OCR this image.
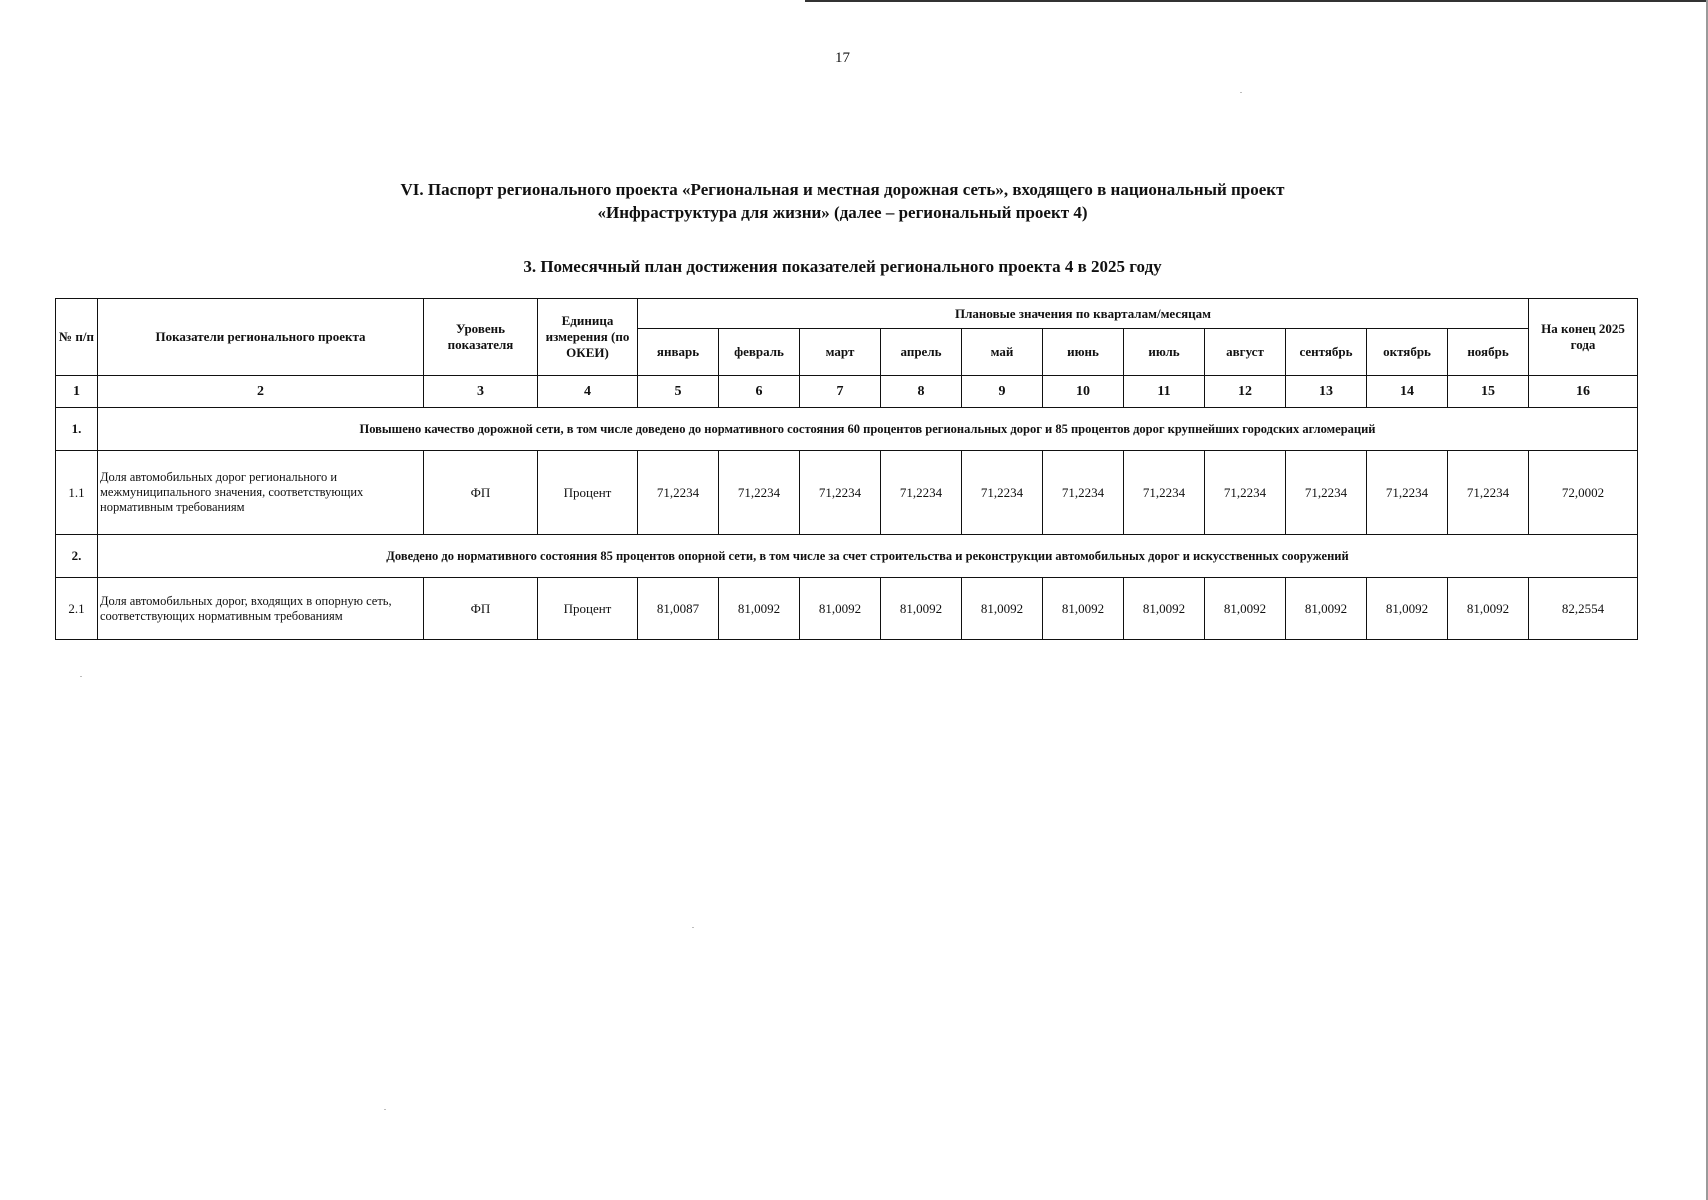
17
VI. Паспорт регионального проекта «Региональная и местная дорожная сеть», входящего в национальный проект
«Инфраструктура для жизни» (далее – региональный проект 4)
3. Помесячный план достижения показателей регионального проекта 4 в 2025 году
№ п/п	Показатели регионального проекта	Уровень показателя	Единица измерения (по ОКЕИ)	Плановые значения по кварталам/месяцам											На конец 2025 года
				январь	февраль	март	апрель	май	июнь	июль	август	сентябрь	октябрь	ноябрь	
1	2	3	4	5	6	7	8	9	10	11	12	13	14	15	16
1.	Повышено качество дорожной сети, в том числе доведено до нормативного состояния 60 процентов региональных дорог и 85 процентов дорог крупнейших городских агломераций														
1.1	Доля автомобильных дорог регионального и межмуниципального значения, соответствующих нормативным требованиям	ФП	Процент	71,2234	71,2234	71,2234	71,2234	71,2234	71,2234	71,2234	71,2234	71,2234	71,2234	71,2234	72,0002
2.	Доведено до нормативного состояния 85 процентов опорной сети, в том числе за счет строительства и реконструкции автомобильных дорог и искусственных сооружений														
2.1	Доля автомобильных дорог, входящих в опорную сеть, соответствующих нормативным требованиям	ФП	Процент	81,0087	81,0092	81,0092	81,0092	81,0092	81,0092	81,0092	81,0092	81,0092	81,0092	81,0092	82,2554
